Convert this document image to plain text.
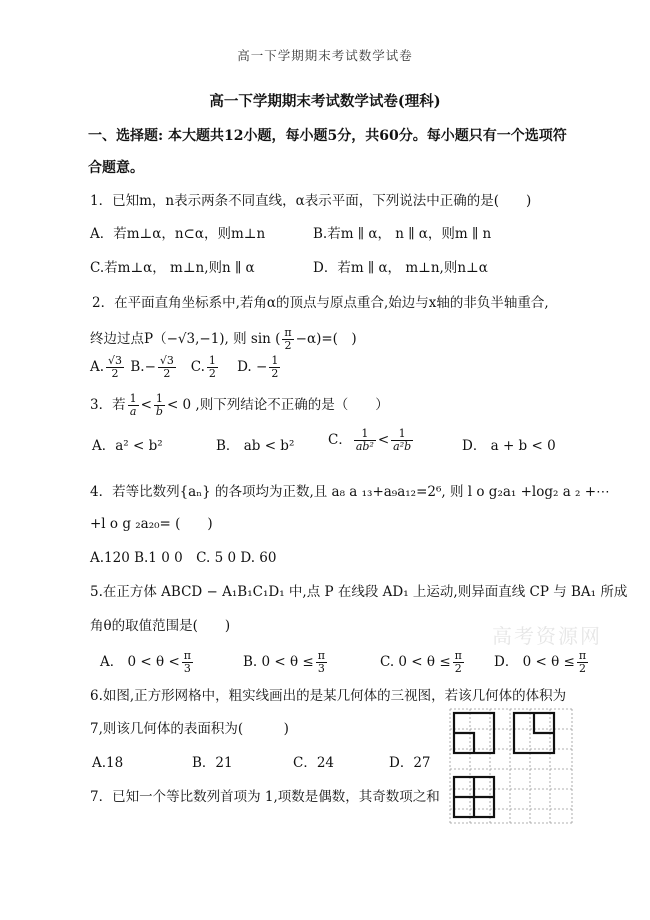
高一下学期期末考试数学试卷
高一下学期期末考试数学试卷(理科)
一、选择题: 本大题共12小题，每小题5分，共60分。每小题只有一个选项符
合题意。
1．已知m，n表示两条不同直线，α表示平面，下列说法中正确的是(　　)
A．若m⊥α，n⊂α，则m⊥n	B.若m ∥ α， n ∥ α，则m ∥ n
C.若m⊥α， m⊥n,则n ∥ α	D．若m ∥ α， m⊥n,则n⊥α
2．在平面直角坐标系中,若角α的顶点与原点重合,始边与x轴的非负半轴重合,
终边过点P（−√3,−1), 则 sin ( $\frac{\pi}{2} -\alpha)=$(　)
A. $\frac{√3}{2} B.- \frac{√3}{2} C$. $\frac{1}{2} D$. − $\frac{1}{2}$
3．若 $\frac{1}{a} < \frac{1}{b} < 0$ ,则下列结论不正确的是（　　）
A．a² < b²	B． ab < b² C． $\frac{1}{\text{ab²}} < \frac{1}{\text{a²b}}$	D． a + b < 0
4．若等比数列{aₙ} 的各项均为正数,且 a₈ a ₁₃+a₉a₁₂=2⁶, 则 l o g₂a₁ +log₂ a ₂ +⋯
+l o g ₂a₂₀= (　　)
A.120 B.1 0 0　C. 5 0 D. 60
5.在正方体 ABCD − A₁B₁C₁D₁ 中,点 P 在线段 AD₁ 上运动,则异面直线 CP 与 BA₁ 所成
角θ的取值范围是(　　)
A． $0 < \theta < \frac{\pi}{3}$	B. $0 < \theta \le \frac{\pi}{3}$	C. $0 < \theta \le \frac{\pi}{2}$ D． $0 < \theta \le \frac{\pi}{2}$
高考资源网
6.如图,正方形网格中，粗实线画出的是某几何体的三视图，若该几何体的体积为
7,则该几何体的表面积为(　　　)
A.18	B．21	C．24	D．27
7．已知一个等比数列首项为 1,项数是偶数，其奇数项之和
